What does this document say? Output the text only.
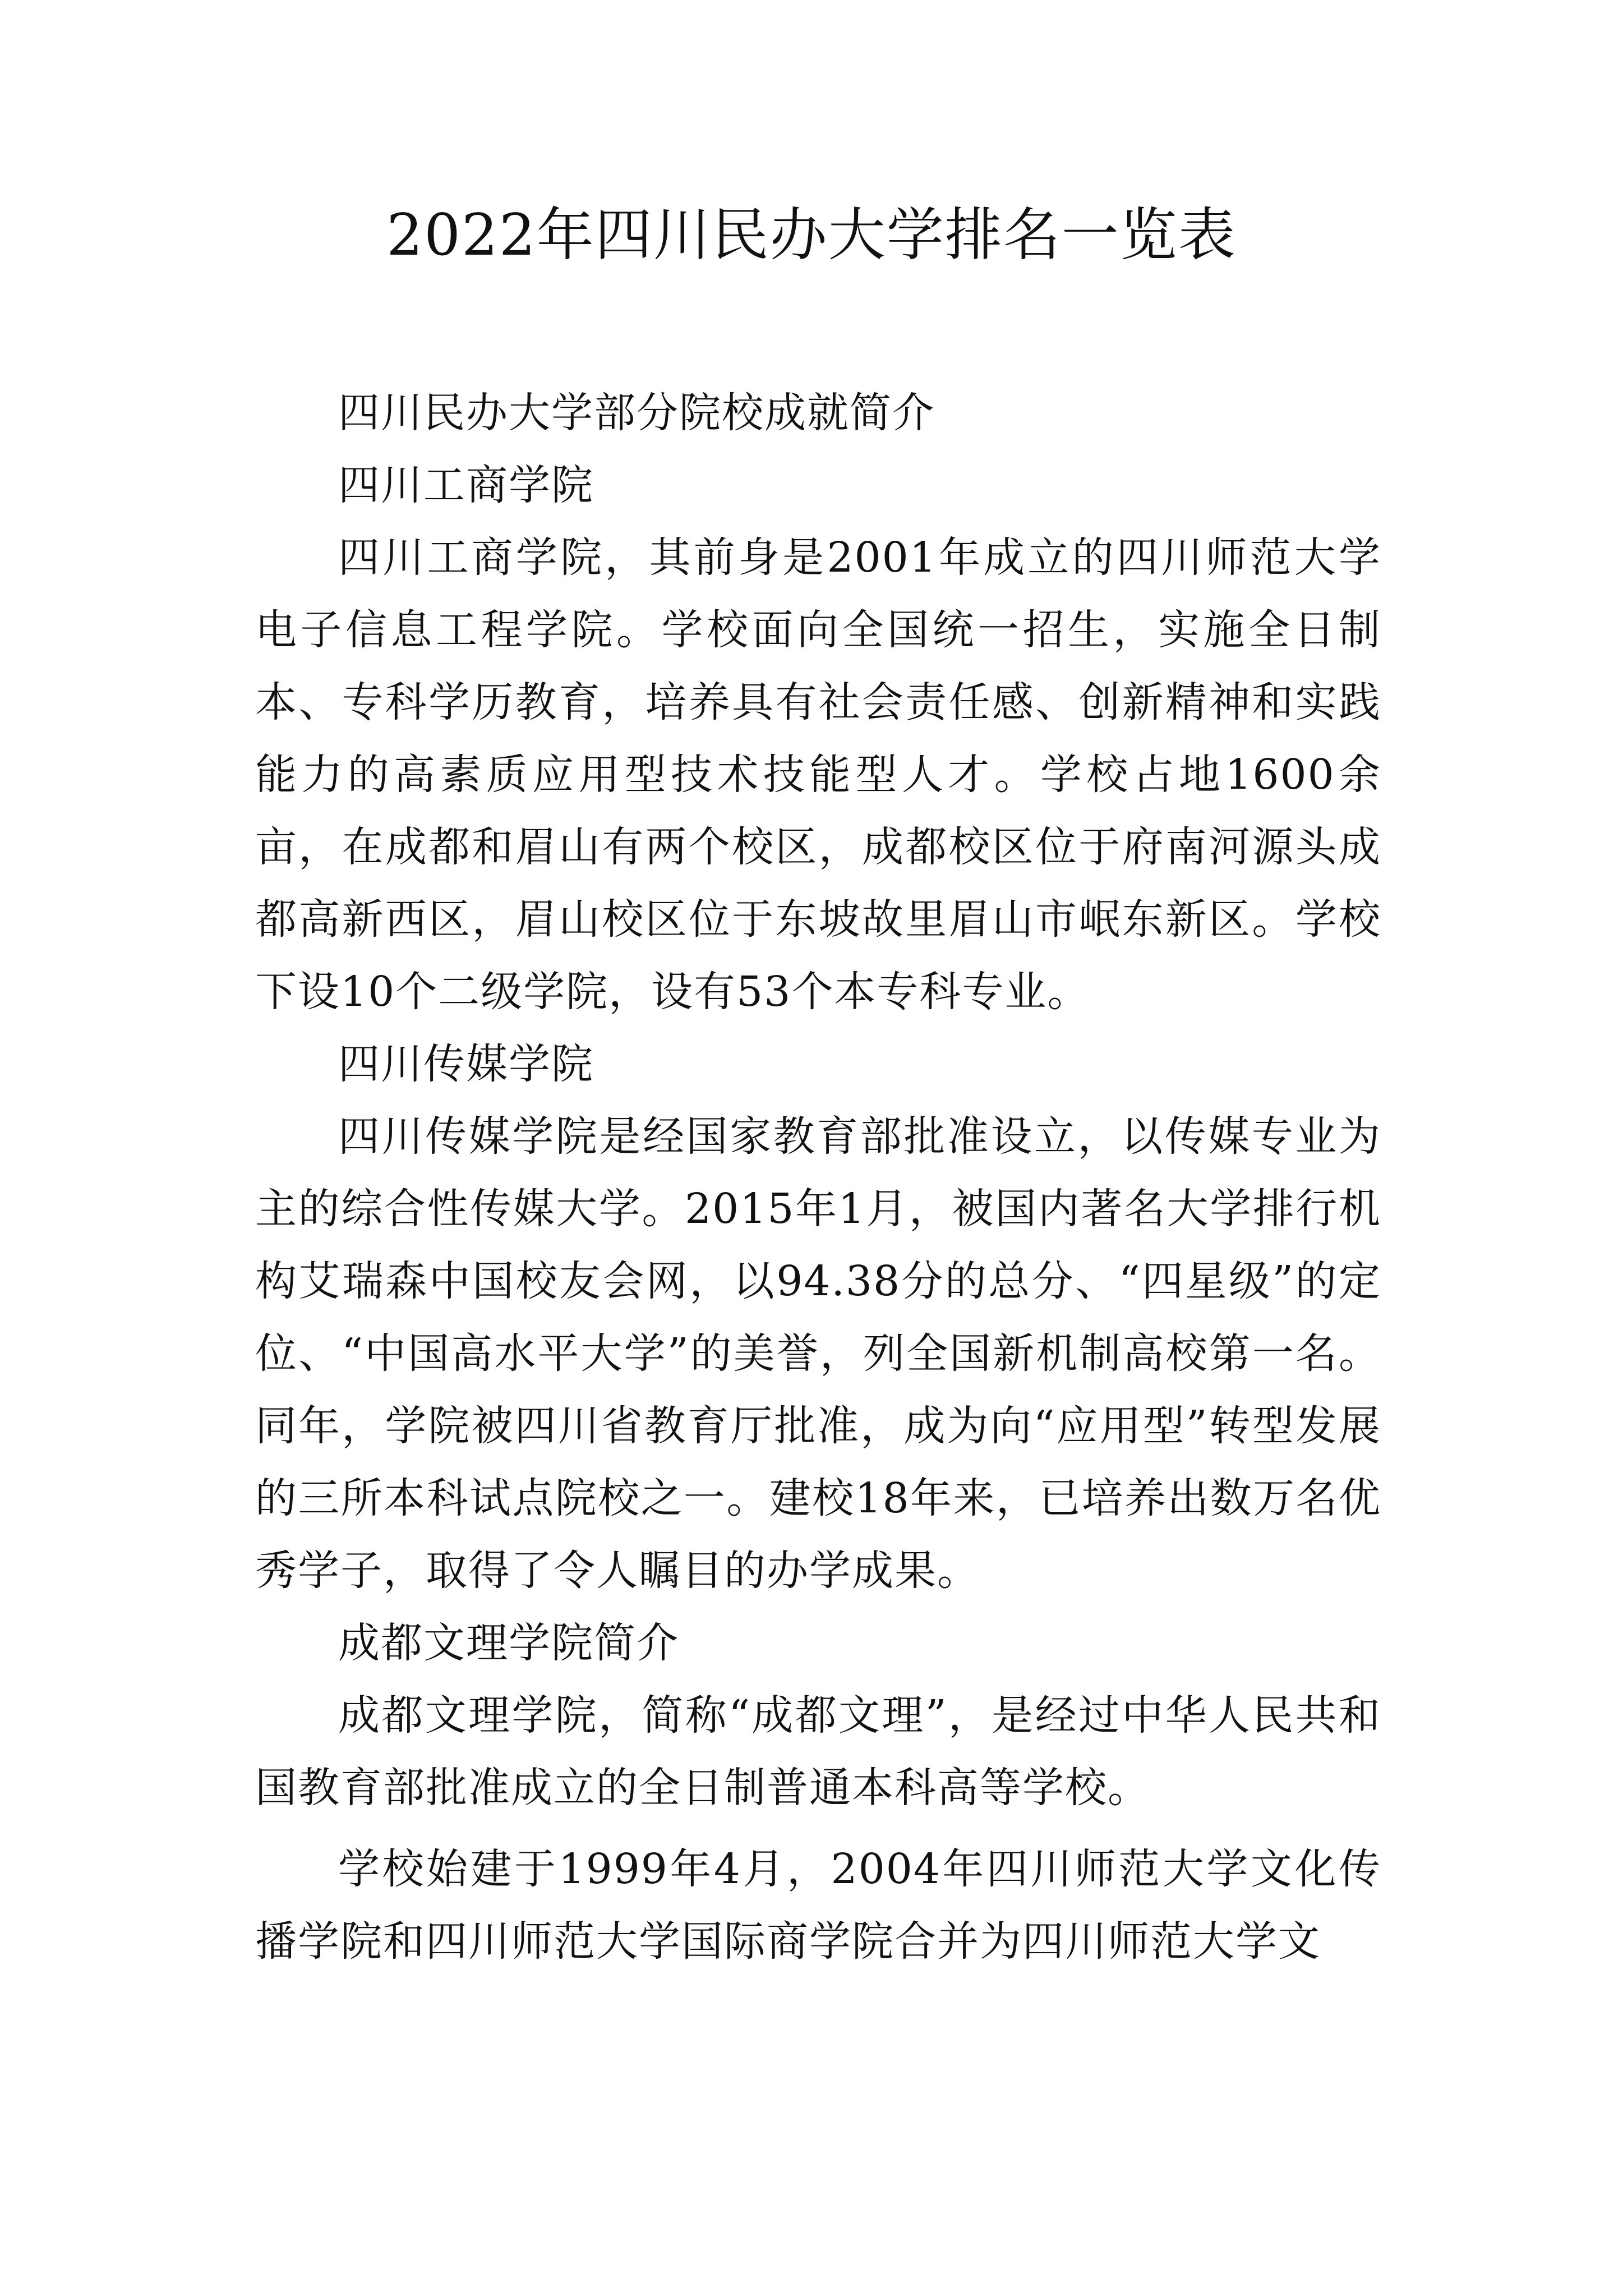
2022年四川民办大学排名一览表

四川民办大学部分院校成就简介

四川工商学院

四川工商学院，其前身是2001年成立的四川师范大学电子信息工程学院。学校面向全国统一招生，实施全日制本、专科学历教育，培养具有社会责任感、创新精神和实践能力的高素质应用型技术技能型人才。学校占地1600余亩，在成都和眉山有两个校区，成都校区位于府南河源头成都高新西区，眉山校区位于东坡故里眉山市岷东新区。学校下设10个二级学院，设有53个本专科专业。

四川传媒学院

四川传媒学院是经国家教育部批准设立，以传媒专业为主的综合性传媒大学。2015年1月，被国内著名大学排行机构艾瑞森中国校友会网，以94.38分的总分、“四星级”的定位、“中国高水平大学”的美誉，列全国新机制高校第一名。同年，学院被四川省教育厅批准，成为向“应用型”转型发展的三所本科试点院校之一。建校18年来，已培养出数万名优秀学子，取得了令人瞩目的办学成果。

成都文理学院简介

成都文理学院，简称“成都文理”，是经过中华人民共和国教育部批准成立的全日制普通本科高等学校。

学校始建于1999年4月，2004年四川师范大学文化传播学院和四川师范大学国际商学院合并为四川师范大学文
